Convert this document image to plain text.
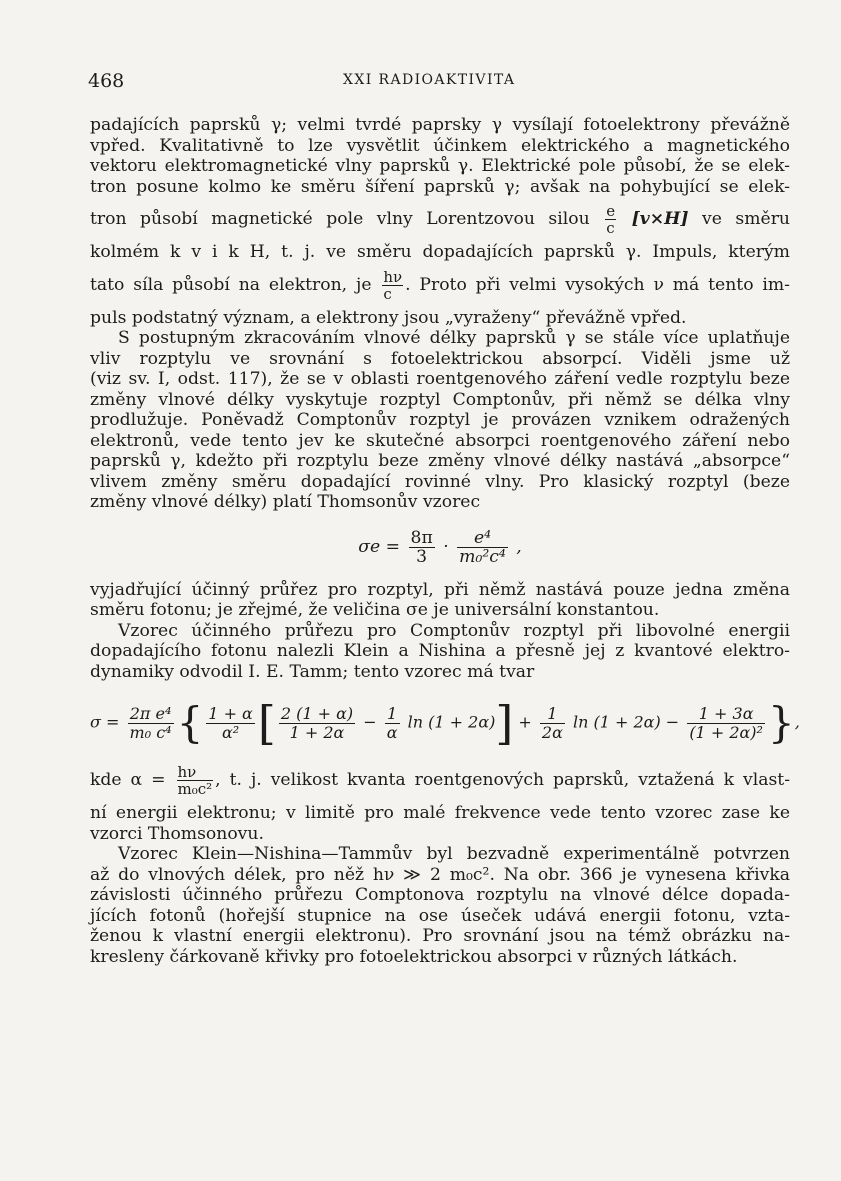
468	XXI RADIOAKTIVITA
padajících paprsků γ; velmi tvrdé paprsky γ vysílají fotoelektrony převážně
vpřed. Kvalitativně to lze vysvětlit účinkem elektrického a magnetického
vektoru elektromagnetické vlny paprsků γ. Elektrické pole působí, že se elek-
tron posune kolmo ke směru šíření paprsků γ; avšak na pohybující se elek-
tron působí magnetické pole vlny Lorentzovou silou $\frac{e}{c} [v\times H]$ ve směru
kolmém k v i k H, t. j. ve směru dopadajících paprsků γ. Impuls, kterým
tato síla působí na elektron, je $\frac{h\nu}{c}$ . Proto při velmi vysokých ν má tento im-
puls podstatný význam, a elektrony jsou „vyraženy“ převážně vpřed.
S postupným zkracováním vlnové délky paprsků γ se stále více uplatňuje
vliv rozptylu ve srovnání s fotoelektrickou absorpcí. Viděli jsme už
(viz sv. I, odst. 117), že se v oblasti roentgenového záření vedle rozptylu beze
změny vlnové délky vyskytuje rozptyl Comptonův, při němž se délka vlny
prodlužuje. Poněvadž Comptonův rozptyl je provázen vznikem odražených
elektronů, vede tento jev ke skutečné absorpci roentgenového záření nebo
paprsků γ, kdežto při rozptylu beze změny vlnové délky nastává „absorpce“
vlivem změny směru dopadající rovinné vlny. Pro klasický rozptyl (beze
změny vlnové délky) platí Thomsonův vzorec
$\sigma e = \frac{8\pi}{3} \cdot \frac{\text{e⁴}}{\text{m₀²c⁴}}$ ,
vyjadřující účinný průřez pro rozptyl, při němž nastává pouze jedna změna
směru fotonu; je zřejmé, že veličina σe je universální konstantou.
Vzorec účinného průřezu pro Comptonův rozptyl při libovolné energii
dopadajícího fotonu nalezli Klein a Nishina a přesně jej z kvantové elektro-
dynamiky odvodil I. E. Tamm; tento vzorec má tvar
$\sigma = \frac{\text{2π e⁴}}{\text{m₀ c⁴}}$ { $\frac{1 + \alpha}{\text{α²}}$ [ $\frac{2 (1 + \alpha)}{1 + 2\alpha} - \frac{1}{\alpha}$ $\ln (1 + 2\alpha)] + \frac{1}{2\alpha}$ $\ln (1 + 2\alpha) - \frac{1 + 3\alpha}{\text{(1 + 2α)²}}$ },
kde $\alpha = \frac{h\nu}{\text{m₀c²}}$ , t. j. velikost kvanta roentgenových paprsků, vztažená k vlast-
ní energii elektronu; v limitě pro malé frekvence vede tento vzorec zase ke
vzorci Thomsonovu.
Vzorec Klein—Nishina—Tammův byl bezvadně experimentálně potvrzen
až do vlnových délek, pro něž hν ≫ 2 m₀c². Na obr. 366 je vynesena křivka
závislosti účinného průřezu Comptonova rozptylu na vlnové délce dopada-
jících fotonů (hořejší stupnice na ose úseček udává energii fotonu, vzta-
ženou k vlastní energii elektronu). Pro srovnání jsou na témž obrázku na-
kresleny čárkovaně křivky pro fotoelektrickou absorpci v různých látkách.
